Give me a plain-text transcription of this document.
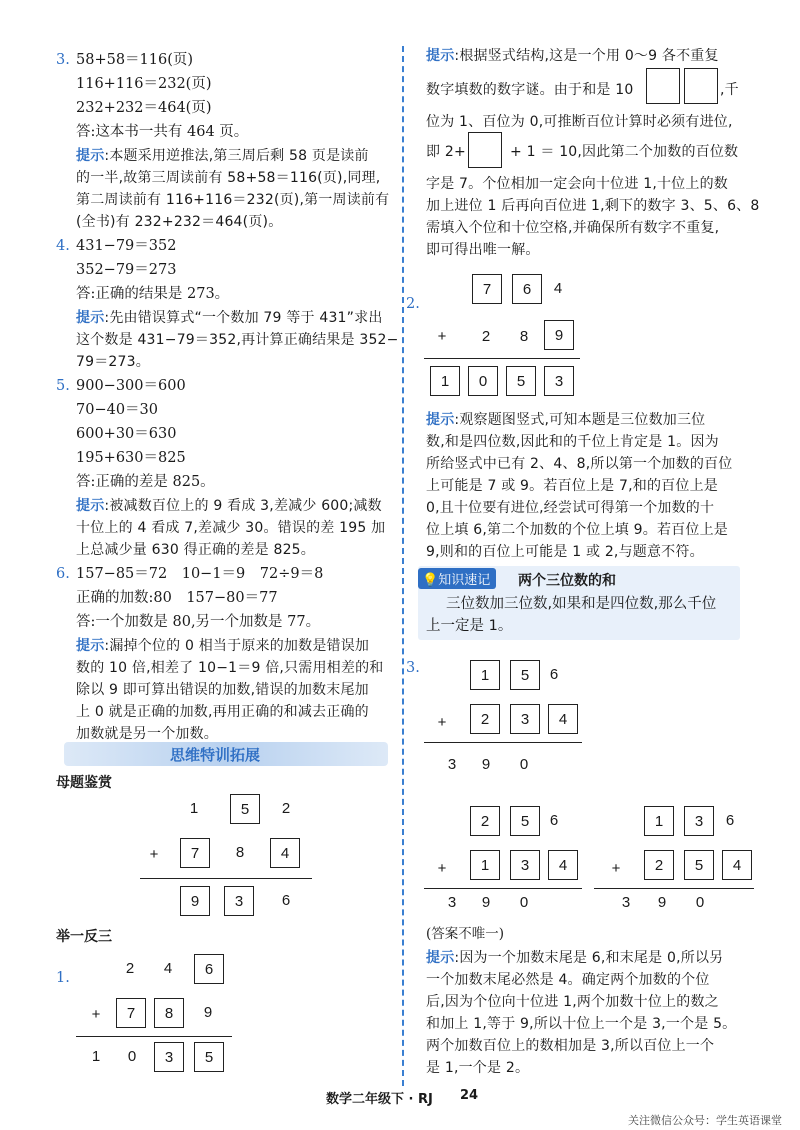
3. 58+58＝116(页)
116+116＝232(页)
232+232＝464(页)
答:这本书一共有 464 页。
提示:本题采用逆推法,第三周后剩 58 页是读前
的一半,故第三周读前有 58+58＝116(页),同理,
第二周读前有 116+116＝232(页),第一周读前有
(全书)有 232+232＝464(页)。
4. 431−79＝352
352−79＝273
答:正确的结果是 273。
提示:先由错误算式“一个数加 79 等于 431”求出
这个数是 431−79＝352,再计算正确结果是 352−
79＝273。
5. 900−300＝600
70−40＝30
600+30＝630
195+630＝825
答:正确的差是 825。
提示:被减数百位上的 9 看成 3,差减少 600;减数
十位上的 4 看成 7,差减少 30。错误的差 195 加
上总减少量 630 得正确的差是 825。
6. 157−85＝72　10−1＝9　72÷9＝8
正确的加数:80　157−80＝77
答:一个加数是 80,另一个加数是 77。
提示:漏掉个位的 0 相当于原来的加数是错误加
数的 10 倍,相差了 10−1＝9 倍,只需用相差的和
除以 9 即可算出错误的加数,错误的加数末尾加
上 0 就是正确的加数,再用正确的和减去正确的
加数就是另一个加数。
思维特训拓展
母题鉴赏
1	5	2
+	7	8	4
9	3	6
举一反三
1.
2	4	6
+	7	8	9
1	0	3	5
提示:根据竖式结构,这是一个用 0～9 各不重复
数字填数的数字谜。由于和是 10	,千
位为 1、百位为 0,可推断百位计算时必须有进位,
即 2+	+ 1 ＝ 10,因此第二个加数的百位数
字是 7。个位相加一定会向十位进 1,十位上的数
加上进位 1 后再向百位进 1,剩下的数字 3、5、6、8
需填入个位和十位空格,并确保所有数字不重复,
即可得出唯一解。
2.
7	6	4
+	2	8	9
1	0	5	3
提示:观察题图竖式,可知本题是三位数加三位
数,和是四位数,因此和的千位上肯定是 1。因为
所给竖式中已有 2、4、8,所以第一个加数的百位
上可能是 7 或 9。若百位上是 7,和的百位上是
0,且十位要有进位,经尝试可得第一个加数的十
位上填 6,第二个加数的个位上填 9。若百位上是
9,则和的百位上可能是 1 或 2,与题意不符。
💡知识速记	两个三位数的和
三位数加三位数,如果和是四位数,那么千位
上一定是 1。
3.	1	5	6
+	2	3	4
3	9	0
2	5	6
+	1	3	4
3	9	0
1	3	6
+	2	5	4
3	9	0
(答案不唯一)
提示:因为一个加数末尾是 6,和末尾是 0,所以另
一个加数末尾必然是 4。确定两个加数的个位
后,因为个位向十位进 1,两个加数十位上的数之
和加上 1,等于 9,所以十位上一个是 3,一个是 5。
两个加数百位上的数相加是 3,所以百位上一个
是 1,一个是 2。
数学二年级下 · RJ 24
关注微信公众号：学生英语课堂
